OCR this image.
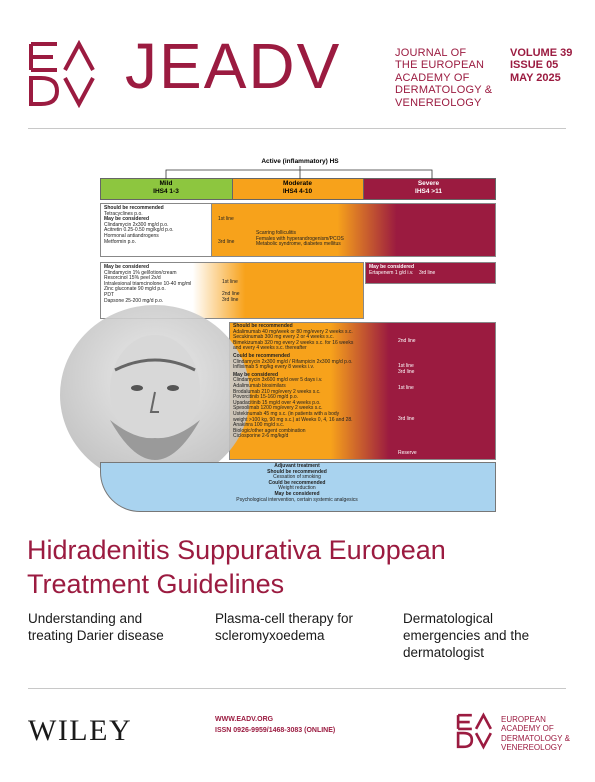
JEADV	JOURNAL OF
THE EUROPEAN
ACADEMY OF
DERMATOLOGY &
VENEREOLOGY
VOLUME 39
ISSUE 05
MAY 2025
Active (inflammatory) HS
Mild
IHS4 1-3
Moderate
IHS4 4-10
Severe
IHS4 >11
Should be recommended
Tetracyclines p.o.
May be considered
Clindamycin 2x300 mg/d p.o.
Acitretin 0.25-0.50 mg/kg/d p.o.
Hormonal antiandrogens
Metformin p.o.
1st line
3rd line
Scarring folliculitis
Females with hyperandrogenism/PCOS
Metabolic syndrome, diabetes mellitus
May be considered
Clindamycin 1% gel/lotion/cream
Resorcinol 15% peel 2x/d
Intralesional triamcinolone 10-40 mg/ml
Zinc gluconate 90 mg/d p.o.
PDT
Dapsone 25-200 mg/d p.o.
1st line
2nd line
3rd line
May be considered
Ertapenem 1 g/d i.v. 3rd line
Should be recommended
Adalimumab 40 mg/week or 80 mg/every 2 weeks s.c.
Secukinumab 300 mg every 2 or 4 weeks s.c.
Bimekizumab 320 mg every 2 weeks s.c. for 16 weeks
and every 4 weeks s.c. thereafter
Could be recommended
Clindamycin 2x300 mg/d / Rifampicin 2x300 mg/d p.o.
Infliximab 5 mg/kg every 8 weeks i.v.
May be considered
Clindamycin 3x600 mg/d over 5 days i.v.
Adalimumab biosimilars
Brodalumab 210 mg/every 2 weeks s.c.
Povorcitinib 15-160 mg/d p.o.
Upadacitinib 15 mg/d over 4 weeks p.o.
Spesolimab 1200 mg/every 2 weeks s.c.
Ustekinumab 45 mg s.c. (in patients with a body
weight >100 kg, 90 mg s.c.) at Weeks 0, 4, 16 and 28.
Anakinra 100 mg/d s.c.
Biologic/other agent combination
Ciclosporine 2-6 mg/kg/d
2nd line
1st line
3rd line
1st line
3rd line
Reserve
Adjuvant treatment
Should be recommended
Cessation of smoking
Could be recommended
Weight reduction
May be considered
Psychological intervention, certain systemic analgesics
Hidradenitis Suppurativa European
Treatment Guidelines
Understanding and
treating Darier disease
Plasma-cell therapy for
scleromyxoedema
Dermatological
emergencies and the
dermatologist
WILEY	WWW.EADV.ORG
ISSN 0926-9959/1468-3083 (ONLINE)
EUROPEAN
ACADEMY OF
DERMATOLOGY &
VENEREOLOGY
